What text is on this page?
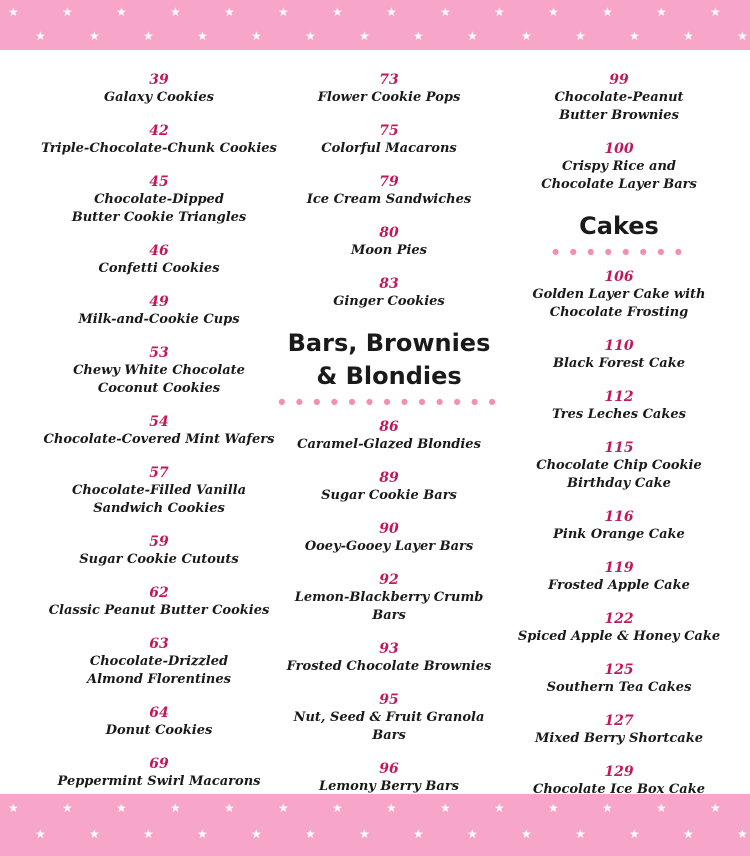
★	★	★	★	★	★	★	★	★	★	★	★	★	★
★	★	★	★	★	★	★	★	★	★	★	★	★	★
★	★	★	★	★	★	★	★	★	★	★	★	★	★
★	★	★	★	★	★	★	★	★	★	★	★	★	★
39
Galaxy Cookies
42
Triple-Chocolate-Chunk Cookies
45
Chocolate-Dipped
Butter Cookie Triangles
46
Confetti Cookies
49
Milk-and-Cookie Cups
53
Chewy White Chocolate
Coconut Cookies
54
Chocolate-Covered Mint Wafers
57
Chocolate-Filled Vanilla
Sandwich Cookies
59
Sugar Cookie Cutouts
62
Classic Peanut Butter Cookies
63
Chocolate-Drizzled
Almond Florentines
64
Donut Cookies
69
Peppermint Swirl Macarons
73
Flower Cookie Pops
75
Colorful Macarons
79
Ice Cream Sandwiches
80
Moon Pies
83
Ginger Cookies
Bars, Brownies
& Blondies
● ● ● ● ● ● ● ● ● ● ● ● ●
86
Caramel-Glazed Blondies
89
Sugar Cookie Bars
90
Ooey-Gooey Layer Bars
92
Lemon-Blackberry Crumb Bars
93
Frosted Chocolate Brownies
95
Nut, Seed & Fruit Granola Bars
96
Lemony Berry Bars
99
Chocolate-Peanut
Butter Brownies
100
Crispy Rice and
Chocolate Layer Bars
Cakes
● ● ● ● ● ● ● ●
106
Golden Layer Cake with
Chocolate Frosting
110
Black Forest Cake
112
Tres Leches Cakes
115
Chocolate Chip Cookie
Birthday Cake
116
Pink Orange Cake
119
Frosted Apple Cake
122
Spiced Apple & Honey Cake
125
Southern Tea Cakes
127
Mixed Berry Shortcake
129
Chocolate Ice Box Cake
